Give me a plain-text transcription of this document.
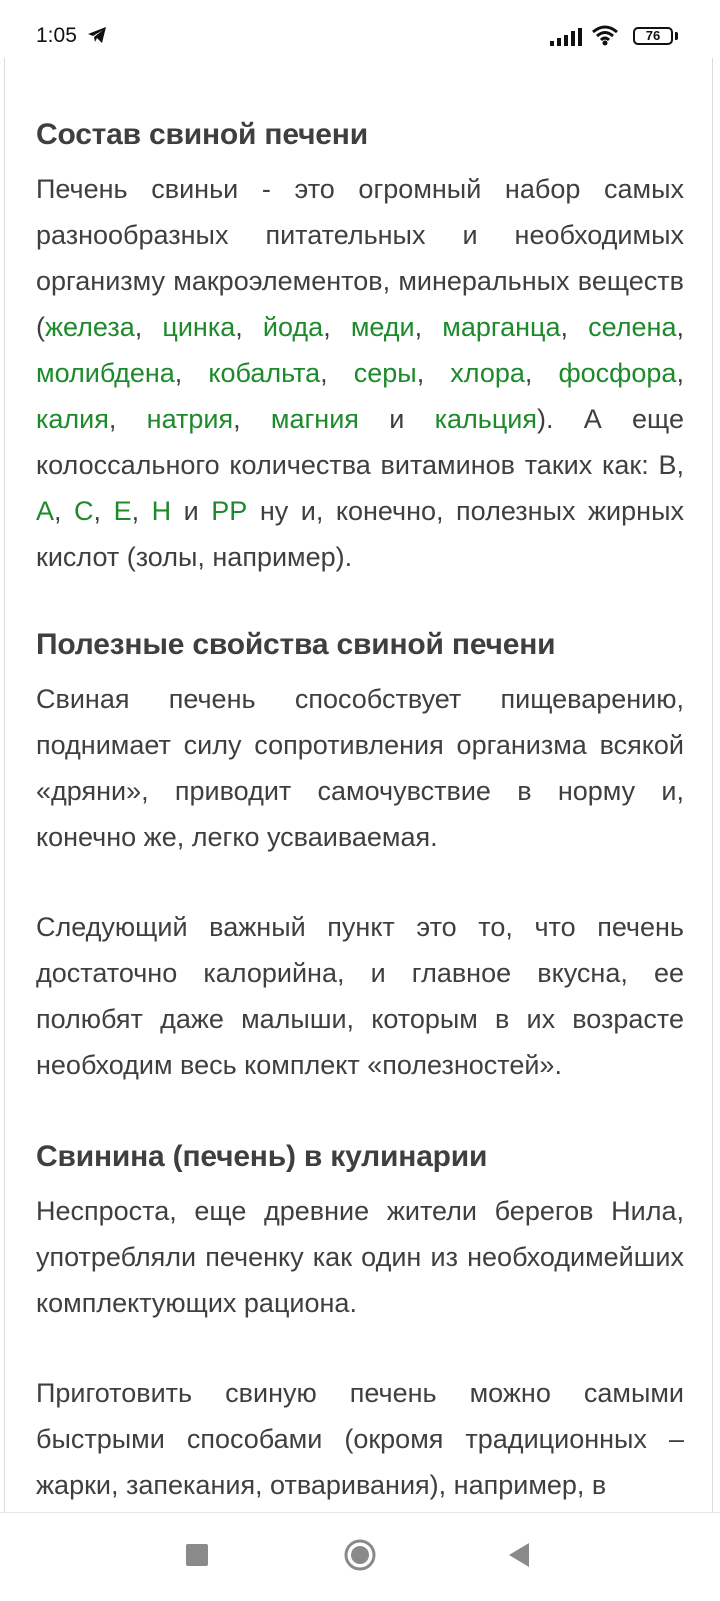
1:05	76
Состав свиной печени

Печень свиньи - это огромный набор самых разнообразных питательных и необходимых организму макроэлементов, минеральных веществ (железа, цинка, йода, меди, марганца, селена, молибдена, кобальта, серы, хлора, фосфора, калия, натрия, магния и кальция). А еще колоссального количества витаминов таких как: В, А, С, Е, Н и РР ну и, конечно, полезных жирных кислот (золы, например).

Полезные свойства свиной печени

Свиная печень способствует пищеварению, поднимает силу сопротивления организма всякой «дряни», приводит самочувствие в норму и, конечно же, легко усваиваемая.

Следующий важный пункт это то, что печень достаточно калорийна, и главное вкусна, ее полюбят даже малыши, которым в их возрасте необходим весь комплект «полезностей».

Свинина (печень) в кулинарии

Неспроста, еще древние жители берегов Нила, употребляли печенку как один из необходимейших комплектующих рациона.

Приготовить свиную печень можно самыми быстрыми способами (окромя традиционных – жарки, запекания, отваривания), например, в
